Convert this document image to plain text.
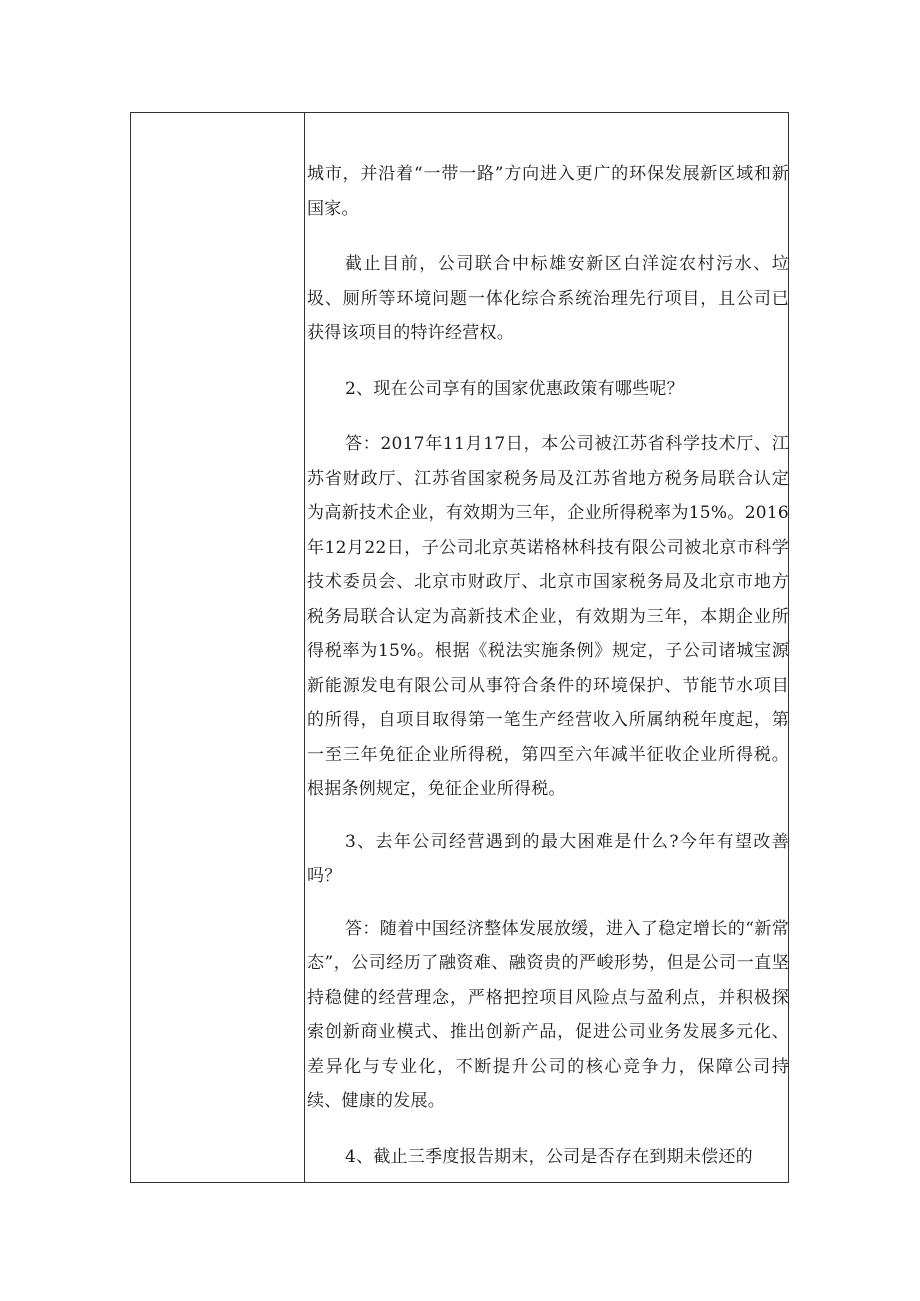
城市，并沿着“一带一路”方向进入更广的环保发展新区域和新国家。

截止目前，公司联合中标雄安新区白洋淀农村污水、垃圾、厕所等环境问题一体化综合系统治理先行项目，且公司已获得该项目的特许经营权。

2、现在公司享有的国家优惠政策有哪些呢？

答：2017年11月17日，本公司被江苏省科学技术厅、江苏省财政厅、江苏省国家税务局及江苏省地方税务局联合认定为高新技术企业，有效期为三年，企业所得税率为15%。2016年12月22日，子公司北京英诺格林科技有限公司被北京市科学技术委员会、北京市财政厅、北京市国家税务局及北京市地方税务局联合认定为高新技术企业，有效期为三年，本期企业所得税率为15%。根据《税法实施条例》规定，子公司诸城宝源新能源发电有限公司从事符合条件的环境保护、节能节水项目的所得，自项目取得第一笔生产经营收入所属纳税年度起，第一至三年免征企业所得税，第四至六年减半征收企业所得税。根据条例规定，免征企业所得税。

3、去年公司经营遇到的最大困难是什么?今年有望改善吗？

答：随着中国经济整体发展放缓，进入了稳定增长的“新常态”，公司经历了融资难、融资贵的严峻形势，但是公司一直坚持稳健的经营理念，严格把控项目风险点与盈利点，并积极探索创新商业模式、推出创新产品，促进公司业务发展多元化、差异化与专业化，不断提升公司的核心竞争力，保障公司持续、健康的发展。

4、截止三季度报告期末，公司是否存在到期未偿还的
